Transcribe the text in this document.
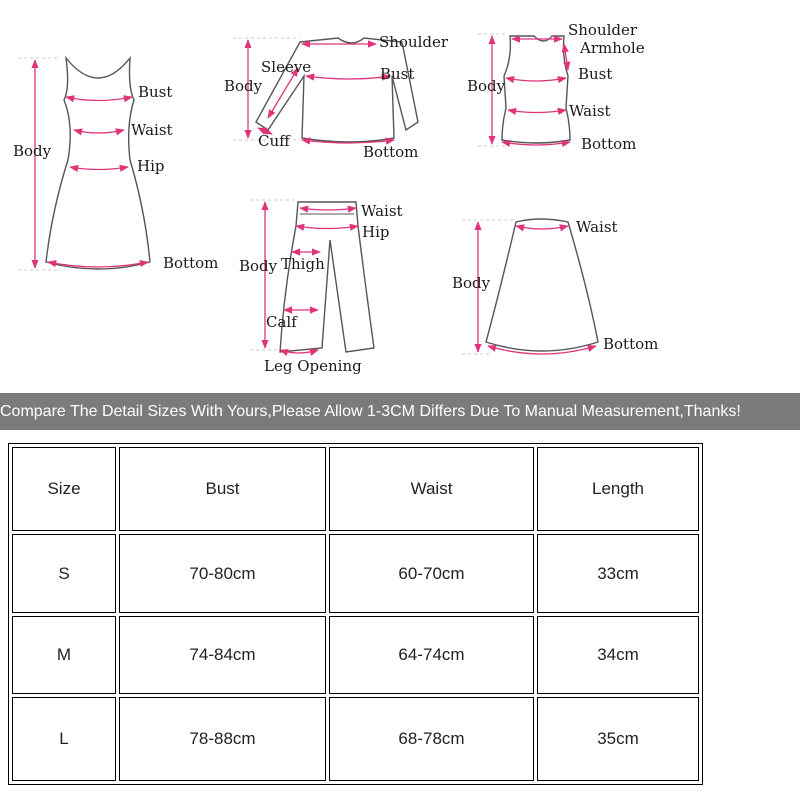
Bust
Waist
Body
Hip
Bottom
Shoulder
Sleeve
Body
Bust
Cuff
Bottom
Shoulder
Armhole
Body
Bust
Waist
Bottom
Waist
Hip
Body Thigh
Calf
Leg Opening
Waist
Body
Bottom
Compare The Detail Sizes With Yours,Please Allow 1-3CM Differs Due To Manual Measurement,Thanks!
Size	Bust	Waist	Length
S	70-80cm	60-70cm	33cm
M	74-84cm	64-74cm	34cm
L	78-88cm	68-78cm	35cm
